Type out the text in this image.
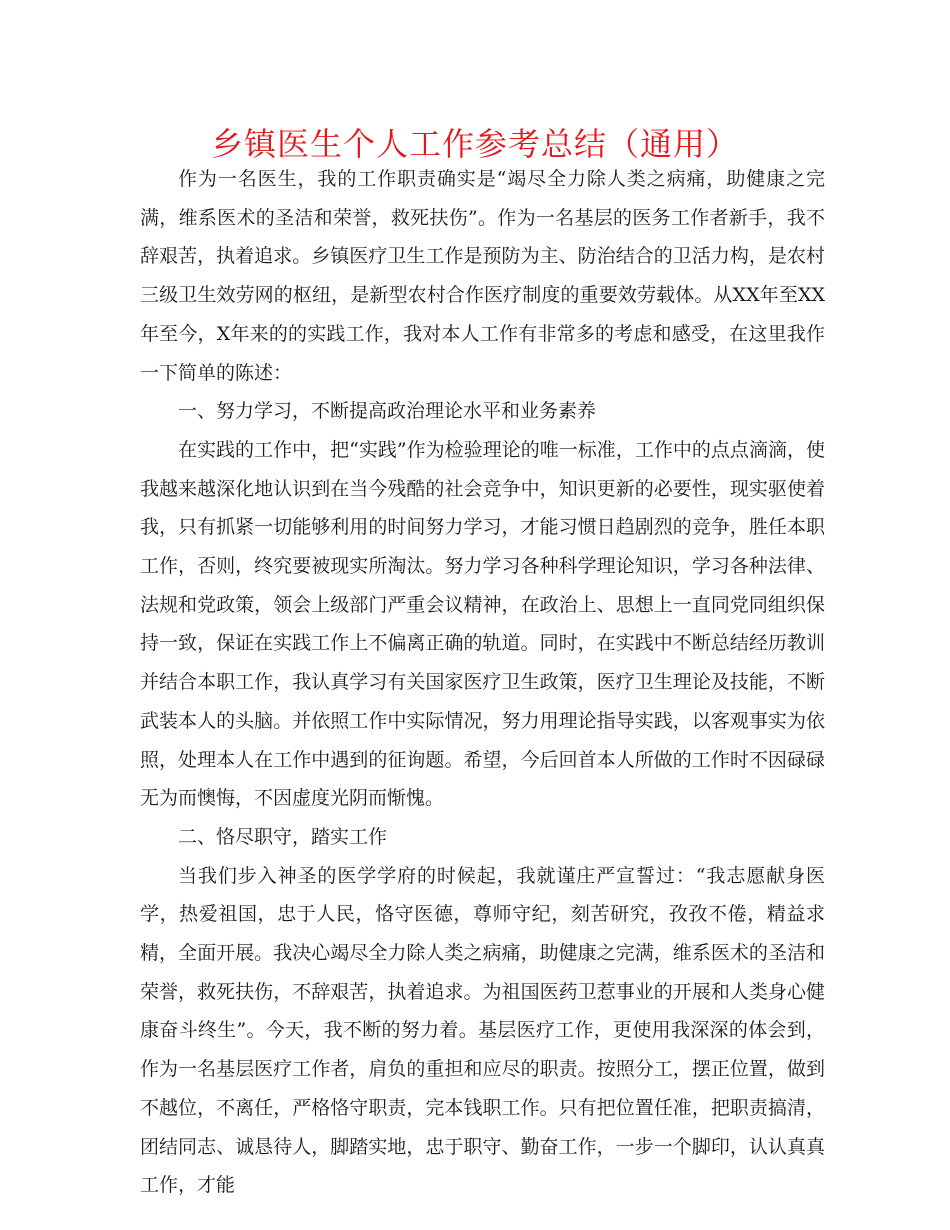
乡镇医生个人工作参考总结（通用）

作为一名医生，我的工作职责确实是“竭尽全力除人类之病痛，助健康之完满，维系医术的圣洁和荣誉，救死扶伤”。作为一名基层的医务工作者新手，我不辞艰苦，执着追求。乡镇医疗卫生工作是预防为主、防治结合的卫活力构，是农村三级卫生效劳网的枢纽，是新型农村合作医疗制度的重要效劳载体。从XX年至XX年至今，X年来的的实践工作，我对本人工作有非常多的考虑和感受，在这里我作一下简单的陈述：

一、努力学习，不断提高政治理论水平和业务素养

在实践的工作中，把“实践”作为检验理论的唯一标准，工作中的点点滴滴，使我越来越深化地认识到在当今残酷的社会竞争中，知识更新的必要性，现实驱使着我，只有抓紧一切能够利用的时间努力学习，才能习惯日趋剧烈的竞争，胜任本职工作，否则，终究要被现实所淘汰。努力学习各种科学理论知识，学习各种法律、法规和党政策，领会上级部门严重会议精神，在政治上、思想上一直同党同组织保持一致，保证在实践工作上不偏离正确的轨道。同时，在实践中不断总结经历教训并结合本职工作，我认真学习有关国家医疗卫生政策，医疗卫生理论及技能，不断武装本人的头脑。并依照工作中实际情况，努力用理论指导实践，以客观事实为依照，处理本人在工作中遇到的征询题。希望，今后回首本人所做的工作时不因碌碌无为而懊悔，不因虚度光阴而惭愧。

二、恪尽职守，踏实工作

当我们步入神圣的医学学府的时候起，我就谨庄严宣誓过：“我志愿献身医学，热爱祖国，忠于人民，恪守医德，尊师守纪，刻苦研究，孜孜不倦，精益求精，全面开展。我决心竭尽全力除人类之病痛，助健康之完满，维系医术的圣洁和荣誉，救死扶伤，不辞艰苦，执着追求。为祖国医药卫惹事业的开展和人类身心健康奋斗终生”。今天，我不断的努力着。基层医疗工作，更使用我深深的体会到，作为一名基层医疗工作者，肩负的重担和应尽的职责。按照分工，摆正位置，做到不越位，不离任，严格恪守职责，完本钱职工作。只有把位置任准，把职责搞清，团结同志、诚恳待人，脚踏实地，忠于职守、勤奋工作，一步一个脚印，认认真真工作，才能
